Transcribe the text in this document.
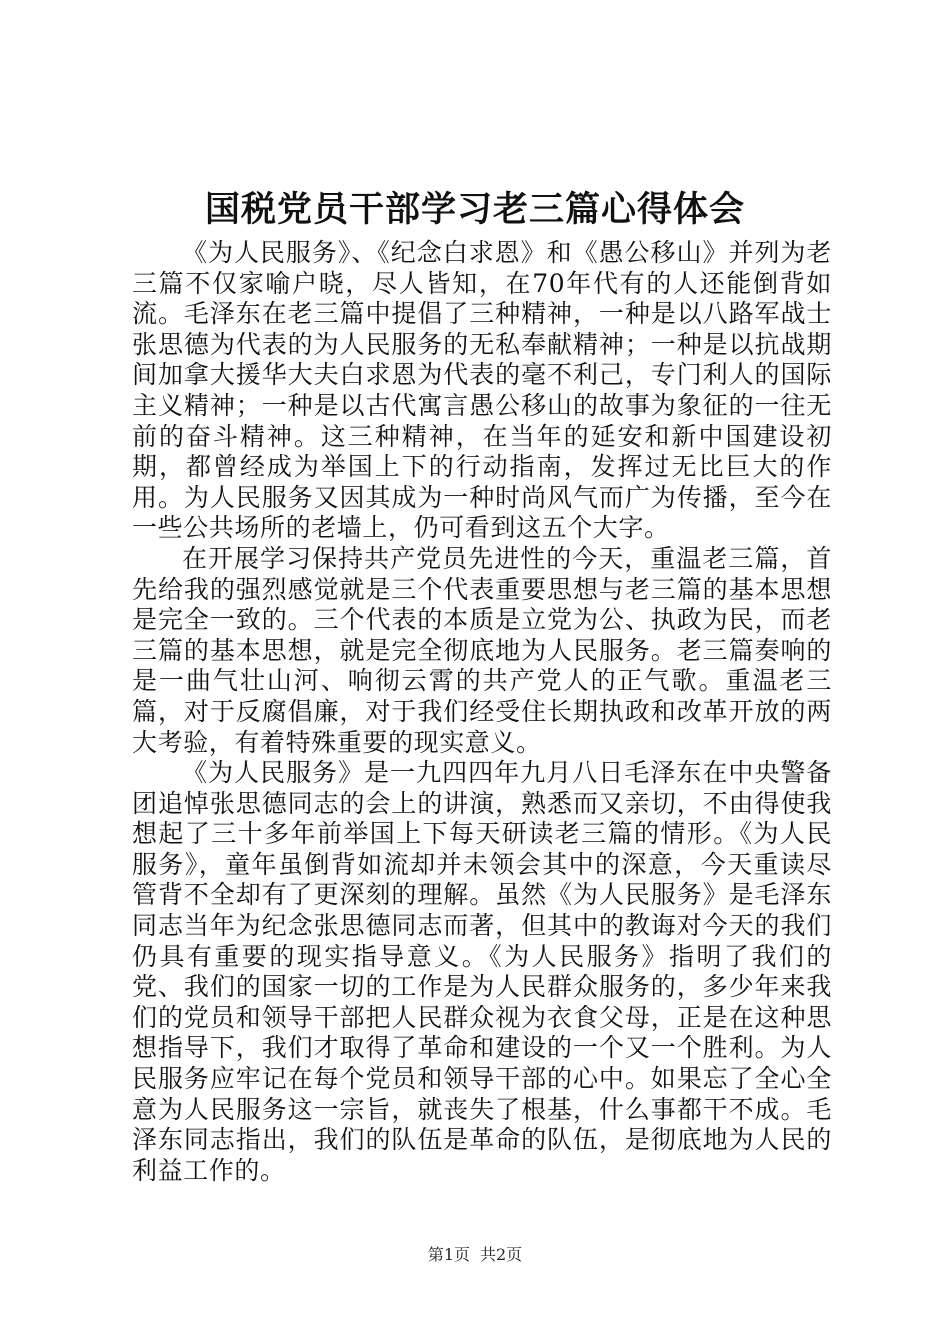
国税党员干部学习老三篇心得体会

《为人民服务》、《纪念白求恩》和《愚公移山》并列为老三篇不仅家喻户晓，尽人皆知，在70年代有的人还能倒背如流。毛泽东在老三篇中提倡了三种精神，一种是以八路军战士张思德为代表的为人民服务的无私奉献精神；一种是以抗战期间加拿大援华大夫白求恩为代表的毫不利己，专门利人的国际主义精神；一种是以古代寓言愚公移山的故事为象征的一往无前的奋斗精神。这三种精神，在当年的延安和新中国建设初期，都曾经成为举国上下的行动指南，发挥过无比巨大的作用。为人民服务又因其成为一种时尚风气而广为传播，至今在一些公共场所的老墙上，仍可看到这五个大字。

在开展学习保持共产党员先进性的今天，重温老三篇，首先给我的强烈感觉就是三个代表重要思想与老三篇的基本思想是完全一致的。三个代表的本质是立党为公、执政为民，而老三篇的基本思想，就是完全彻底地为人民服务。老三篇奏响的是一曲气壮山河、响彻云霄的共产党人的正气歌。重温老三篇，对于反腐倡廉，对于我们经受住长期执政和改革开放的两大考验，有着特殊重要的现实意义。

《为人民服务》是一九四四年九月八日毛泽东在中央警备团追悼张思德同志的会上的讲演，熟悉而又亲切，不由得使我想起了三十多年前举国上下每天研读老三篇的情形。《为人民服务》，童年虽倒背如流却并未领会其中的深意，今天重读尽管背不全却有了更深刻的理解。虽然《为人民服务》是毛泽东同志当年为纪念张思德同志而著，但其中的教诲对今天的我们仍具有重要的现实指导意义。《为人民服务》指明了我们的党、我们的国家一切的工作是为人民群众服务的，多少年来我们的党员和领导干部把人民群众视为衣食父母，正是在这种思想指导下，我们才取得了革命和建设的一个又一个胜利。为人民服务应牢记在每个党员和领导干部的心中。如果忘了全心全意为人民服务这一宗旨，就丧失了根基，什么事都干不成。毛泽东同志指出，我们的队伍是革命的队伍，是彻底地为人民的利益工作的。

第1页 共2页
